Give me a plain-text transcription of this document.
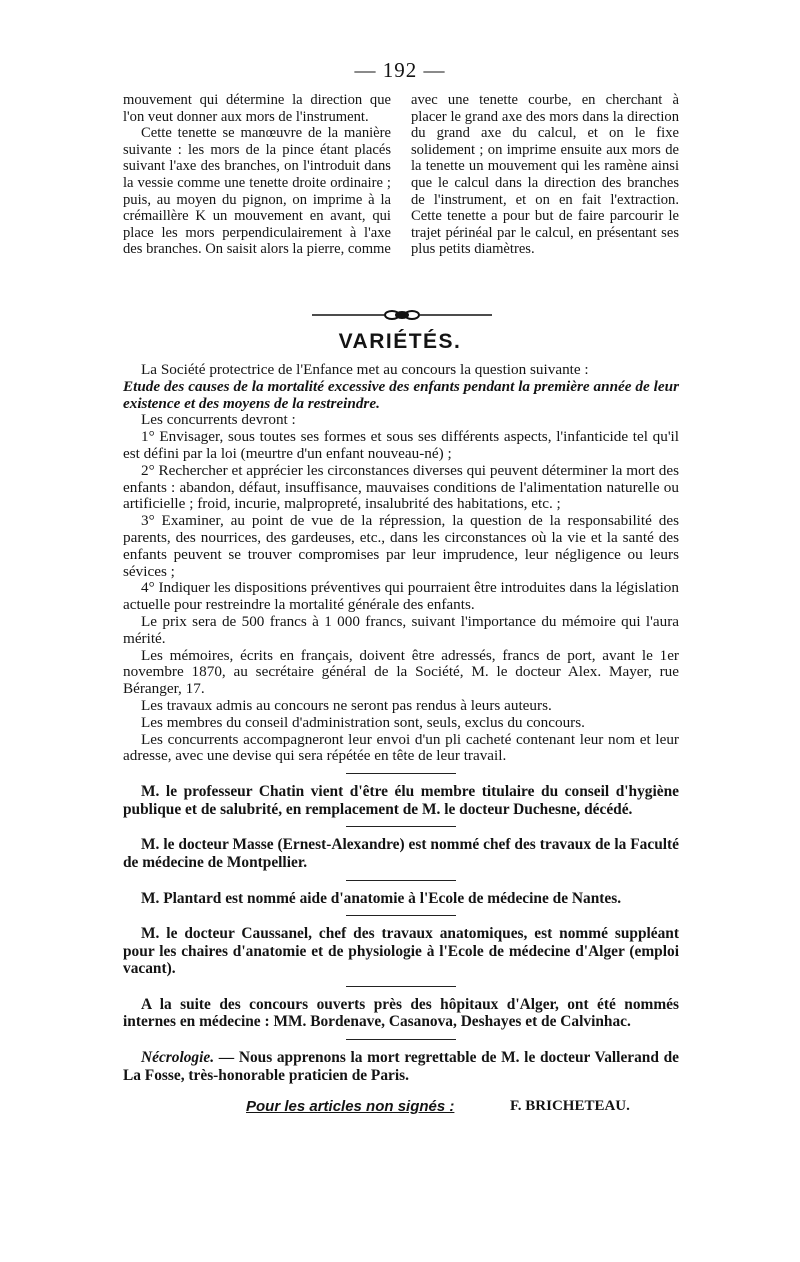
— 192 —

mouvement qui détermine la direction que l'on veut donner aux mors de l'instrument.

Cette tenette se manœuvre de la manière suivante : les mors de la pince étant placés suivant l'axe des branches, on l'introduit dans la vessie comme une tenette droite ordinaire ; puis, au moyen du pignon, on imprime à la crémaillère K un mouvement en avant, qui place les mors perpendiculairement à l'axe des branches. On saisit alors la pierre, comme

avec une tenette courbe, en cherchant à placer le grand axe des mors dans la direction du grand axe du calcul, et on le fixe solidement ; on imprime ensuite aux mors de la tenette un mouvement qui les ramène ainsi que le calcul dans la direction des branches de l'instrument, et on en fait l'extraction. Cette tenette a pour but de faire parcourir le trajet périnéal par le calcul, en présentant ses plus petits diamètres.

VARIÉTÉS.

La Société protectrice de l'Enfance met au concours la question suivante :

Etude des causes de la mortalité excessive des enfants pendant la première année de leur existence et des moyens de la restreindre.

Les concurrents devront :

1° Envisager, sous toutes ses formes et sous ses différents aspects, l'infanticide tel qu'il est défini par la loi (meurtre d'un enfant nouveau-né) ;

2° Rechercher et apprécier les circonstances diverses qui peuvent déterminer la mort des enfants : abandon, défaut, insuffisance, mauvaises conditions de l'alimentation naturelle ou artificielle ; froid, incurie, malpropreté, insalubrité des habitations, etc. ;

3° Examiner, au point de vue de la répression, la question de la responsabilité des parents, des nourrices, des gardeuses, etc., dans les circonstances où la vie et la santé des enfants peuvent se trouver compromises par leur imprudence, leur négligence ou leurs sévices ;

4° Indiquer les dispositions préventives qui pourraient être introduites dans la législation actuelle pour restreindre la mortalité générale des enfants.

Le prix sera de 500 francs à 1 000 francs, suivant l'importance du mémoire qui l'aura mérité.

Les mémoires, écrits en français, doivent être adressés, francs de port, avant le 1er novembre 1870, au secrétaire général de la Société, M. le docteur Alex. Mayer, rue Béranger, 17.

Les travaux admis au concours ne seront pas rendus à leurs auteurs.

Les membres du conseil d'administration sont, seuls, exclus du concours.

Les concurrents accompagneront leur envoi d'un pli cacheté contenant leur nom et leur adresse, avec une devise qui sera répétée en tête de leur travail.

M. le professeur Chatin vient d'être élu membre titulaire du conseil d'hygiène publique et de salubrité, en remplacement de M. le docteur Duchesne, décédé.

M. le docteur Masse (Ernest-Alexandre) est nommé chef des travaux de la Faculté de médecine de Montpellier.

M. Plantard est nommé aide d'anatomie à l'Ecole de médecine de Nantes.

M. le docteur Caussanel, chef des travaux anatomiques, est nommé suppléant pour les chaires d'anatomie et de physiologie à l'Ecole de médecine d'Alger (emploi vacant).

A la suite des concours ouverts près des hôpitaux d'Alger, ont été nommés internes en médecine : MM. Bordenave, Casanova, Deshayes et de Calvinhac.

Nécrologie. — Nous apprenons la mort regrettable de M. le docteur Vallerand de La Fosse, très-honorable praticien de Paris.

Pour les articles non signés :	F. BRICHETEAU.
